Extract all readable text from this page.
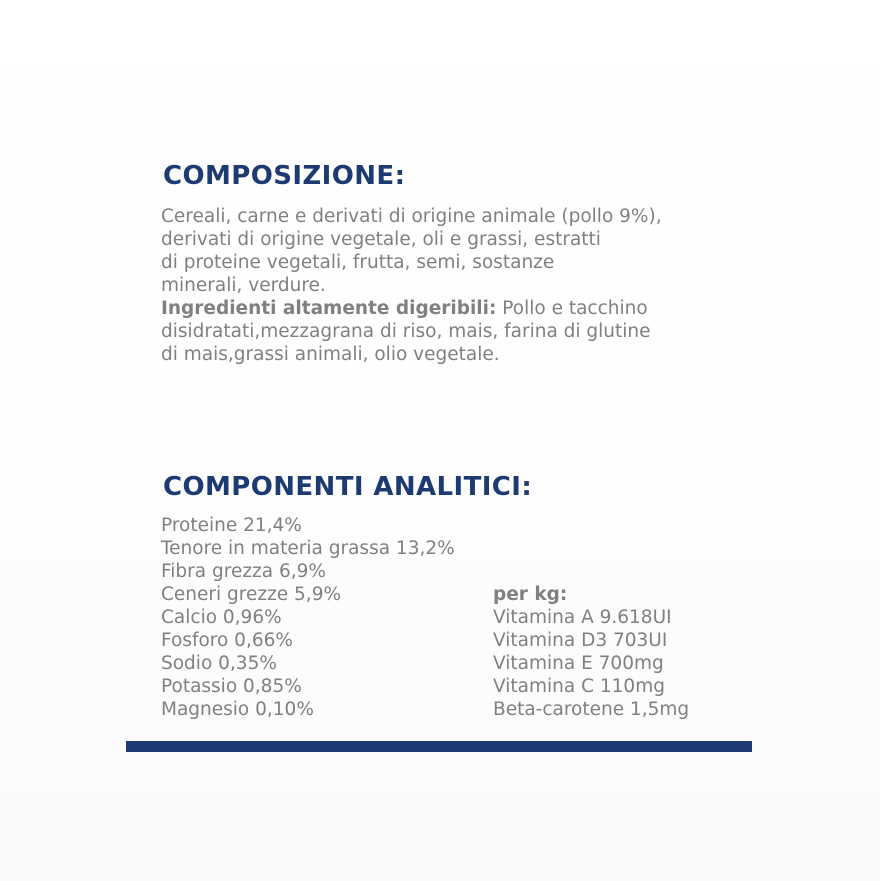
COMPOSIZIONE:

Cereali, carne e derivati di origine animale (pollo 9%),
derivati di origine vegetale, oli e grassi, estratti
di proteine vegetali, frutta, semi, sostanze
minerali, verdure.
Ingredienti altamente digeribili: Pollo e tacchino
disidratati,mezzagrana di riso, mais, farina di glutine
di mais,grassi animali, olio vegetale.

COMPONENTI ANALITICI:
Proteine 21,4%
Tenore in materia grassa 13,2%
Fibra grezza 6,9%
Ceneri grezze 5,9%
Calcio 0,96%
Fosforo 0,66%
Sodio 0,35%
Potassio 0,85%
Magnesio 0,10%
per kg:
Vitamina A 9.618UI
Vitamina D3 703UI
Vitamina E 700mg
Vitamina C 110mg
Beta-carotene 1,5mg
